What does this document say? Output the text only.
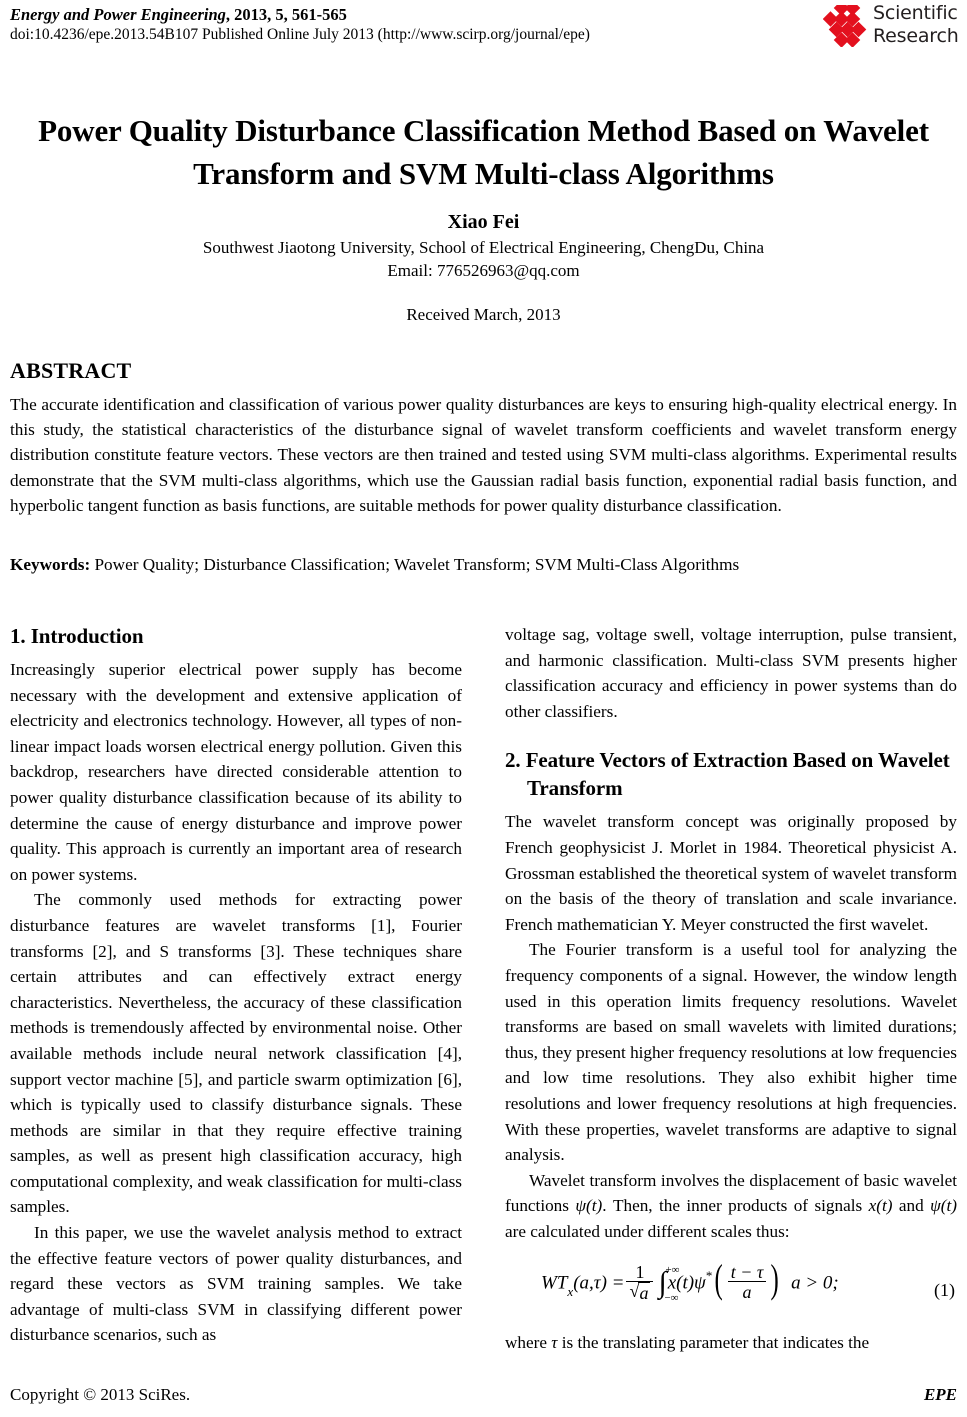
Energy and Power Engineering, 2013, 5, 561-565
doi:10.4236/epe.2013.54B107 Published Online July 2013 (http://www.scirp.org/journal/epe)
Scientific
Research
Power Quality Disturbance Classification Method Based on Wavelet Transform and SVM Multi-class Algorithms
Xiao Fei
Southwest Jiaotong University, School of Electrical Engineering, ChengDu, China
Email: 776526963@qq.com
Received March, 2013
ABSTRACT
The accurate identification and classification of various power quality disturbances are keys to ensuring high-quality electrical energy. In this study, the statistical characteristics of the disturbance signal of wavelet transform coefficients and wavelet transform energy distribution constitute feature vectors. These vectors are then trained and tested using SVM multi-class algorithms. Experimental results demonstrate that the SVM multi-class algorithms, which use the Gaussian radial basis function, exponential radial basis function, and hyperbolic tangent function as basis functions, are suitable methods for power quality disturbance classification.
Keywords: Power Quality; Disturbance Classification; Wavelet Transform; SVM Multi-Class Algorithms
1. Introduction

Increasingly superior electrical power supply has become necessary with the development and extensive application of electricity and electronics technology. However, all types of non-linear impact loads worsen electrical energy pollution. Given this backdrop, researchers have directed considerable attention to power quality disturbance classification because of its ability to determine the cause of energy disturbance and improve power quality. This approach is currently an important area of research on power systems.

The commonly used methods for extracting power disturbance features are wavelet transforms [1], Fourier transforms [2], and S transforms [3]. These techniques share certain attributes and can effectively extract energy characteristics. Nevertheless, the accuracy of these classification methods is tremendously affected by environmental noise. Other available methods include neural network classification [4], support vector machine [5], and particle swarm optimization [6], which is typically used to classify disturbance signals. These methods are similar in that they require effective training samples, as well as present high classification accuracy, high computational complexity, and weak classification for multi-class samples.

In this paper, we use the wavelet analysis method to extract the effective feature vectors of power quality disturbances, and regard these vectors as SVM training samples. We take advantage of multi-class SVM in classifying different power disturbance scenarios, such as

voltage sag, voltage swell, voltage interruption, pulse transient, and harmonic classification. Multi-class SVM presents higher classification accuracy and efficiency in power systems than do other classifiers.

2. Feature Vectors of Extraction Based on Wavelet Transform

The wavelet transform concept was originally proposed by French geophysicist J. Morlet in 1984. Theoretical physicist A. Grossman established the theoretical system of wavelet transform on the basis of the theory of translation and scale invariance. French mathematician Y. Meyer constructed the first wavelet.

The Fourier transform is a useful tool for analyzing the frequency components of a signal. However, the window length used in this operation limits frequency resolutions. Wavelet transforms are based on small wavelets with limited durations; thus, they present higher frequency resolutions at low frequencies and low time resolutions. They also exhibit higher time resolutions and lower frequency resolutions at high frequencies. With these properties, wavelet transforms are adaptive to signal analysis.

Wavelet transform involves the displacement of basic wavelet functions ψ(t). Then, the inner products of signals x(t) and ψ(t) are calculated under different scales thus:

$WT_x(a,\tau) = 1$
√ a ∫
+∞
−∞
$x(t)\psi^*( \frac{t - \tau}{a}$ ) a > 0;	(1)

where τ is the translating parameter that indicates the

Copyright © 2013 SciRes.	EPE
